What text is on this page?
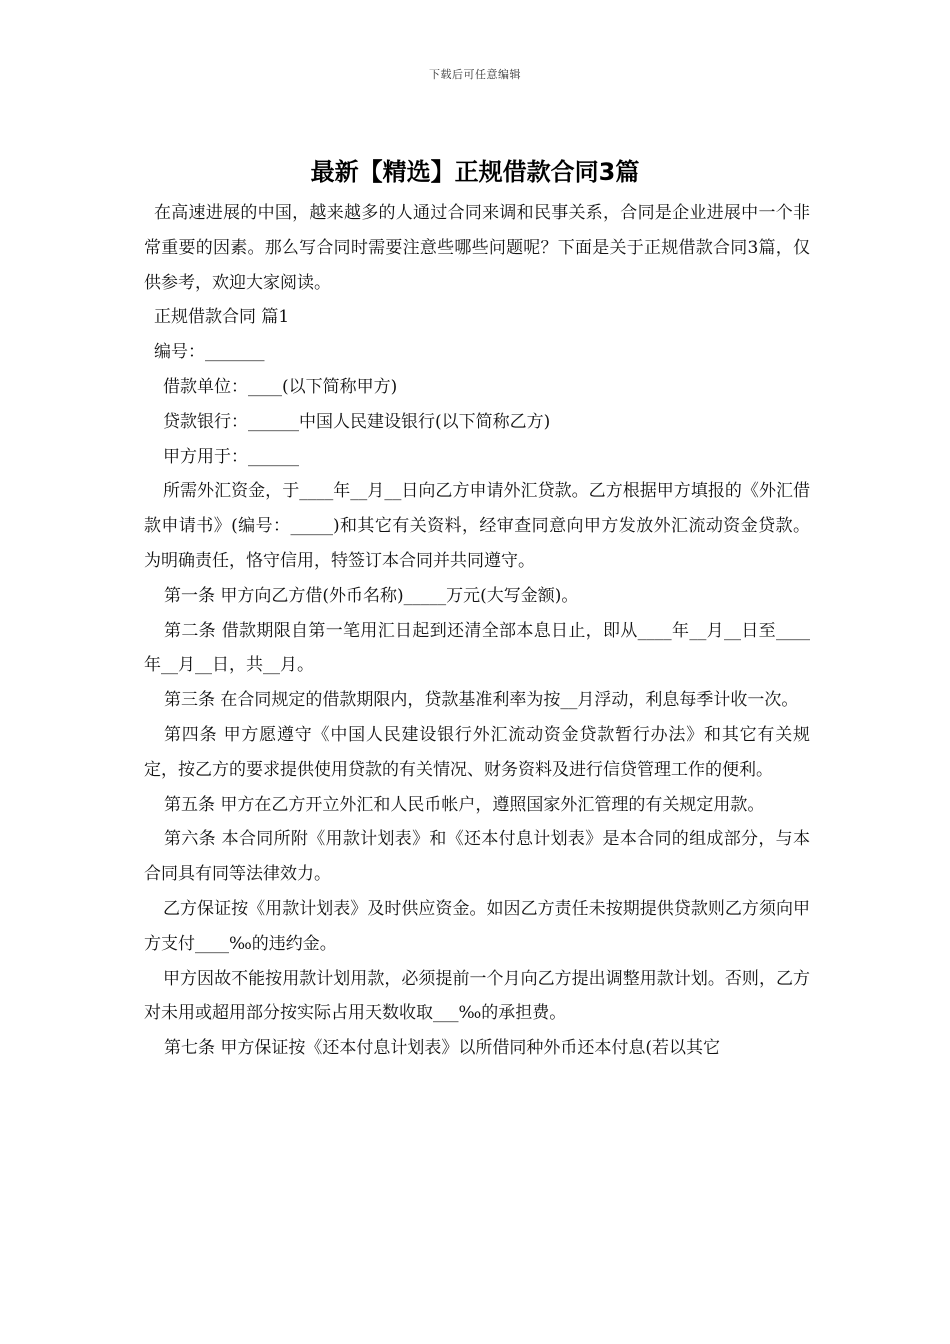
下载后可任意编辑
最新【精选】正规借款合同3篇

在高速进展的中国，越来越多的人通过合同来调和民事关系，合同是企业进展中一个非常重要的因素。那么写合同时需要注意些哪些问题呢？下面是关于正规借款合同3篇，仅供参考，欢迎大家阅读。

正规借款合同 篇1

编号：_______

借款单位：____(以下简称甲方)

贷款银行：______中国人民建设银行(以下简称乙方)

甲方用于：______

所需外汇资金，于____年__月__日向乙方申请外汇贷款。乙方根据甲方填报的《外汇借款申请书》(编号：_____)和其它有关资料，经审查同意向甲方发放外汇流动资金贷款。为明确责任，恪守信用，特签订本合同并共同遵守。

第一条 甲方向乙方借(外币名称)_____万元(大写金额)。

第二条 借款期限自第一笔用汇日起到还清全部本息日止，即从____年__月__日至____年__月__日，共__月。

第三条 在合同规定的借款期限内，贷款基准利率为按__月浮动，利息每季计收一次。

第四条 甲方愿遵守《中国人民建设银行外汇流动资金贷款暂行办法》和其它有关规定，按乙方的要求提供使用贷款的有关情况、财务资料及进行信贷管理工作的便利。

第五条 甲方在乙方开立外汇和人民币帐户，遵照国家外汇管理的有关规定用款。

第六条 本合同所附《用款计划表》和《还本付息计划表》是本合同的组成部分，与本合同具有同等法律效力。

乙方保证按《用款计划表》及时供应资金。如因乙方责任未按期提供贷款则乙方须向甲方支付____‰的违约金。

甲方因故不能按用款计划用款，必须提前一个月向乙方提出调整用款计划。否则，乙方对未用或超用部分按实际占用天数收取___‰的承担费。

第七条 甲方保证按《还本付息计划表》以所借同种外币还本付息(若以其它
